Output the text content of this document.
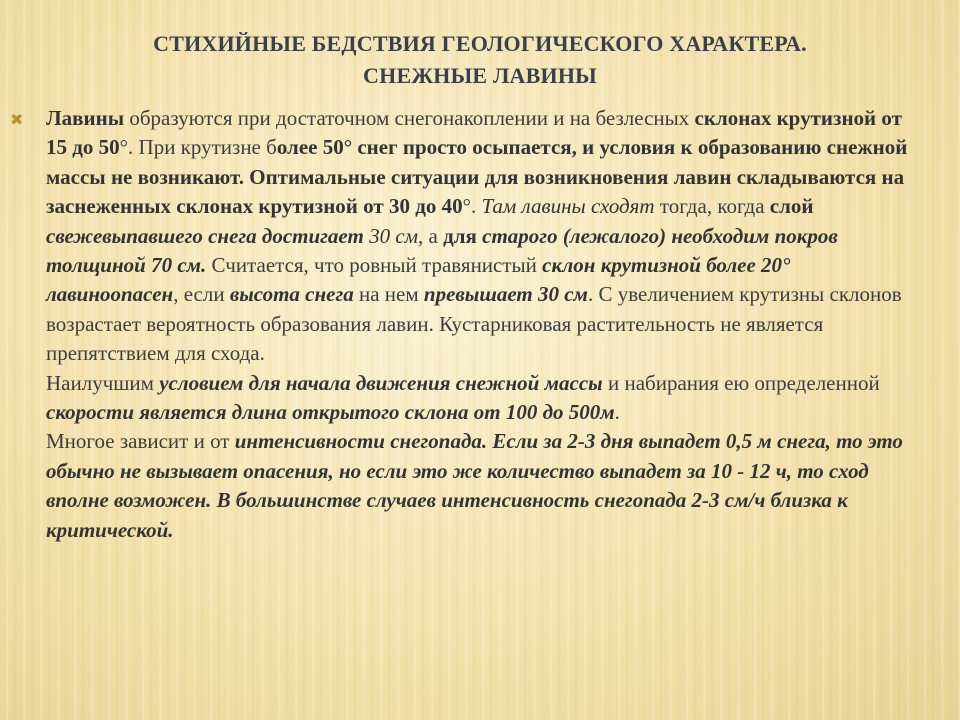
СТИХИЙНЫЕ БЕДСТВИЯ ГЕОЛОГИЧЕСКОГО ХАРАКТЕРА.
СНЕЖНЫЕ ЛАВИНЫ
✖ Лавины образуются при достаточном снегонакоплении и на безлесных склонах крутизной от 15 до 50°. При крутизне более 50° снег просто осыпается, и условия к образованию снежной массы не возникают. Оптимальные ситуации для возникновения лавин складываются на заснеженных склонах крутизной от 30 до 40°. Там лавины сходят тогда, когда слой свежевыпавшего снега достигает 30 см, а для старого (лежалого) необходим покров толщиной 70 см. Считается, что ровный травянистый склон крутизной более 20° лавиноопасен, если высота снега на нем превышает 30 см. С увеличением крутизны склонов возрастает вероятность образования лавин. Кустарниковая растительность не является препятствием для схода.

Наилучшим условием для начала движения снежной массы и набирания ею определенной скорости является длина открытого склона от 100 до 500м.

Многое зависит и от интенсивности снегопада. Если за 2-3 дня выпадет 0,5 м снега, то это обычно не вызывает опасения, но если это же количество выпадет за 10 - 12 ч, то сход вполне возможен. В большинстве случаев интенсивность снегопада 2-3 см/ч близка к критической.
